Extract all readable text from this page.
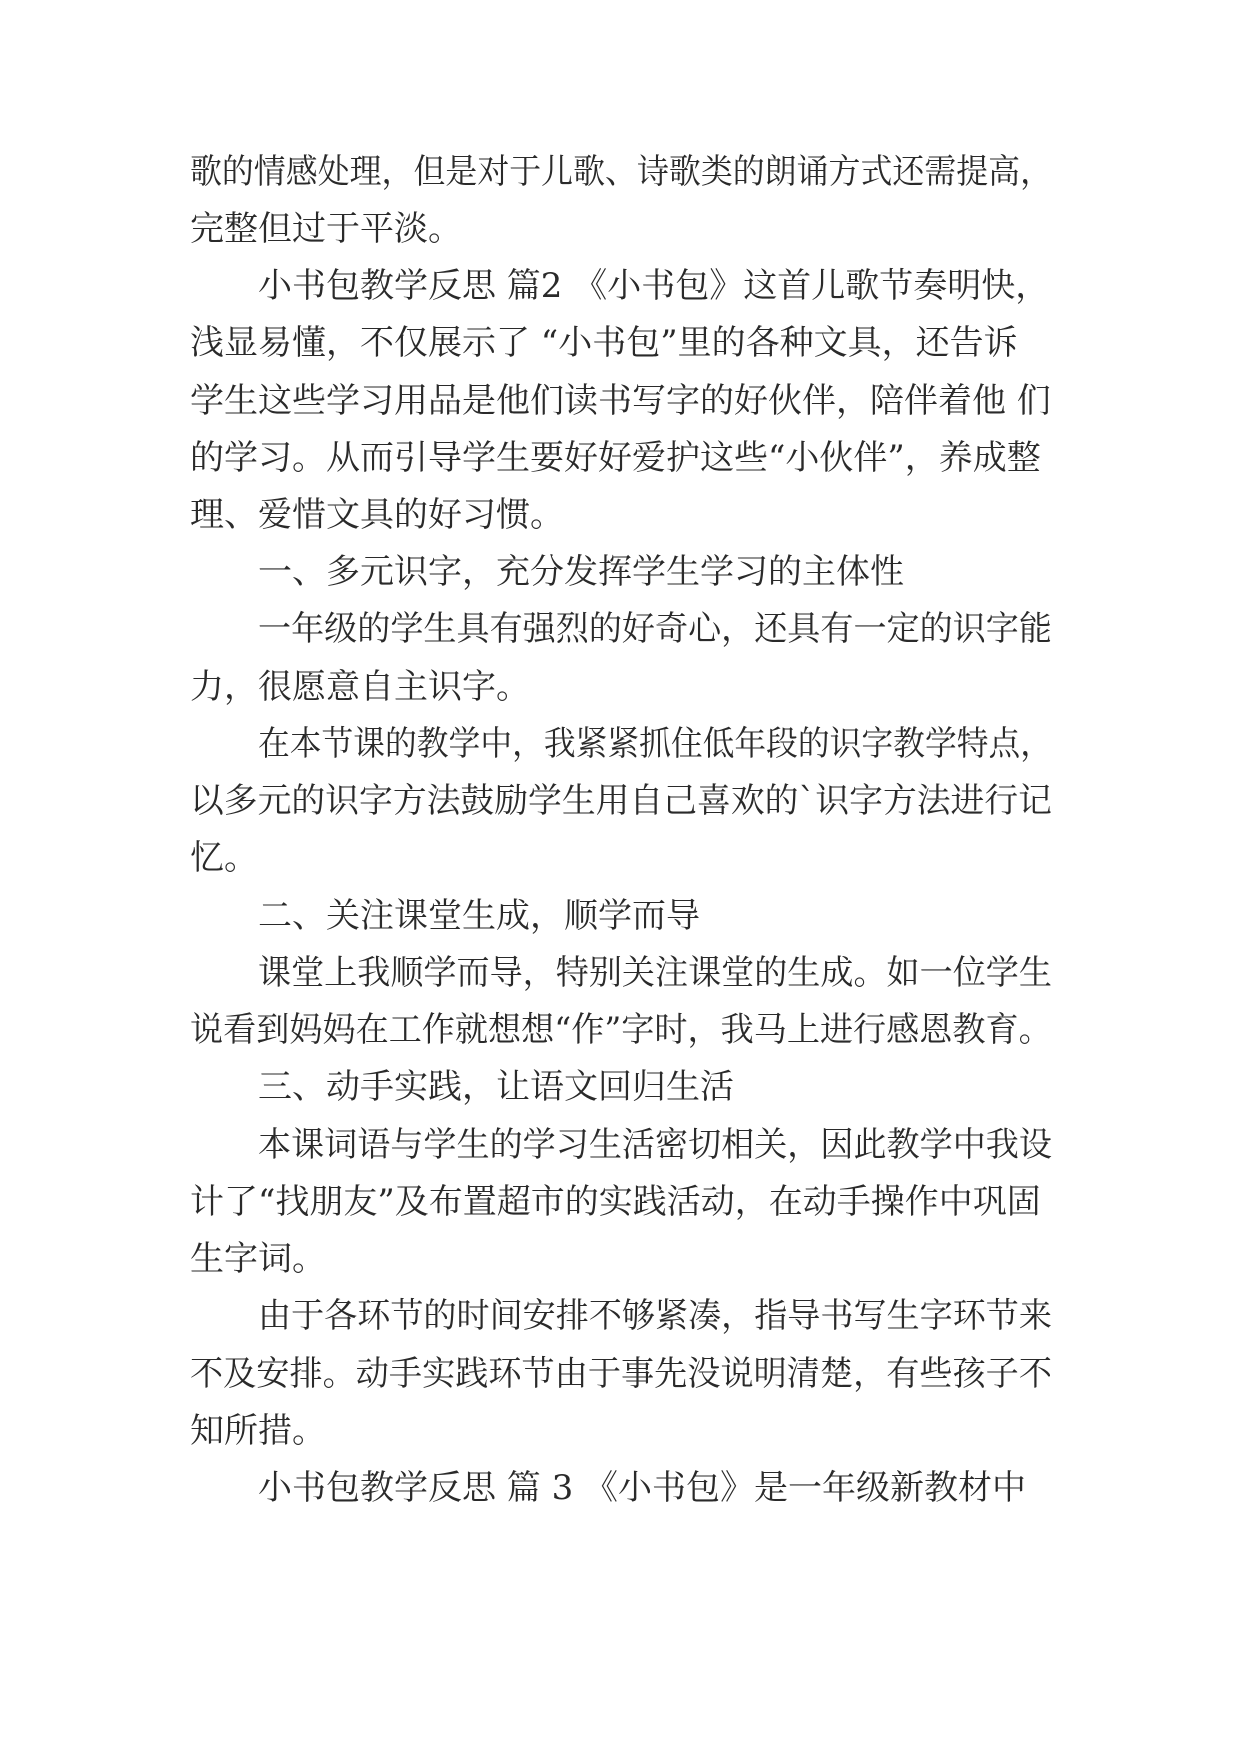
歌的情感处理，但是对于儿歌、诗歌类的朗诵方式还需提高，

完整但过于平淡。

小书包教学反思 篇2 《小书包》这首儿歌节奏明快，

浅显易懂，不仅展示了 “小书包”里的各种文具，还告诉

学生这些学习用品是他们读书写字的好伙伴，陪伴着他 们

的学习。从而引导学生要好好爱护这些“小伙伴”，养成整

理、爱惜文具的好习惯。

一、多元识字，充分发挥学生学习的主体性

一年级的学生具有强烈的好奇心，还具有一定的识字能

力，很愿意自主识字。

在本节课的教学中，我紧紧抓住低年段的识字教学特点，

以多元的识字方法鼓励学生用自己喜欢的`识字方法进行记

忆。

二、关注课堂生成，顺学而导

课堂上我顺学而导，特别关注课堂的生成。如一位学生

说看到妈妈在工作就想想“作”字时，我马上进行感恩教育。

三、动手实践，让语文回归生活

本课词语与学生的学习生活密切相关，因此教学中我设

计了“找朋友”及布置超市的实践活动，在动手操作中巩固

生字词。

由于各环节的时间安排不够紧凑，指导书写生字环节来

不及安排。动手实践环节由于事先没说明清楚，有些孩子不

知所措。

小书包教学反思 篇 3 《小书包》是一年级新教材中
